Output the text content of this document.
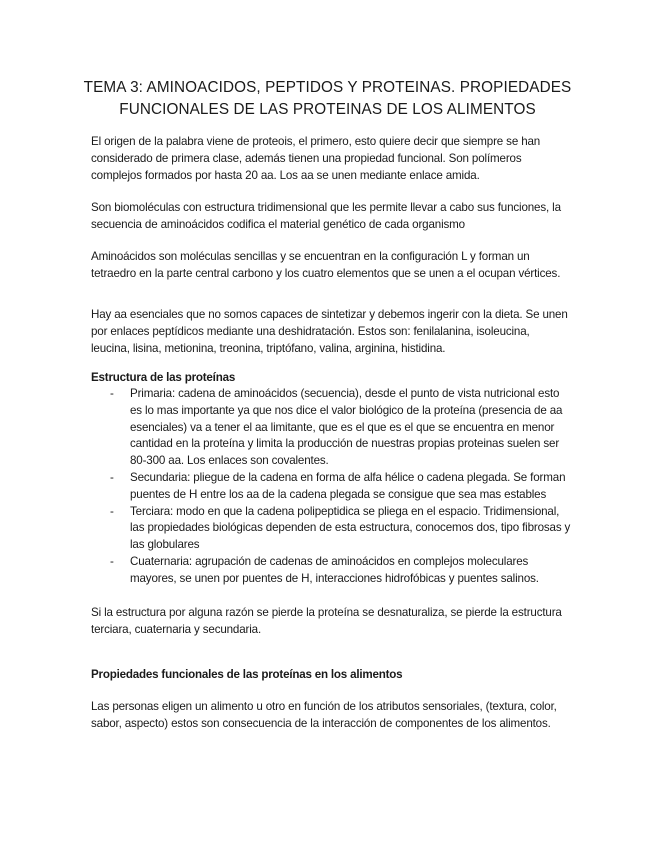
TEMA 3: AMINOACIDOS, PEPTIDOS Y PROTEINAS. PROPIEDADES FUNCIONALES DE LAS PROTEINAS DE LOS ALIMENTOS

El origen de la palabra viene de proteois, el primero, esto quiere decir que siempre se han considerado de primera clase, además tienen una propiedad funcional. Son polímeros complejos formados por hasta 20 aa. Los aa se unen mediante enlace amida.

Son biomoléculas con estructura tridimensional que les permite llevar a cabo sus funciones, la secuencia de aminoácidos codifica el material genético de cada organismo

Aminoácidos son moléculas sencillas y se encuentran en la configuración L y forman un tetraedro en la parte central carbono y los cuatro elementos que se unen a el ocupan vértices.

Hay aa esenciales que no somos capaces de sintetizar y debemos ingerir con la dieta. Se unen por enlaces peptídicos mediante una deshidratación. Estos son: fenilalanina, isoleucina, leucina, lisina, metionina, treonina, triptófano, valina, arginina, histidina.

Estructura de las proteínas
- Primaria: cadena de aminoácidos (secuencia), desde el punto de vista nutricional esto es lo mas importante ya que nos dice el valor biológico de la proteína (presencia de aa esenciales) va a tener el aa limitante, que es el que es el que se encuentra en menor cantidad en la proteína y limita la producción de nuestras propias proteinas suelen ser 80-300 aa. Los enlaces son covalentes.
- Secundaria: pliegue de la cadena en forma de alfa hélice o cadena plegada. Se forman puentes de H entre los aa de la cadena plegada se consigue que sea mas estables
- Terciara: modo en que la cadena polipeptidica se pliega en el espacio. Tridimensional, las propiedades biológicas dependen de esta estructura, conocemos dos, tipo fibrosas y las globulares
- Cuaternaria: agrupación de cadenas de aminoácidos en complejos moleculares mayores, se unen por puentes de H, interacciones hidrofóbicas y puentes salinos.

Si la estructura por alguna razón se pierde la proteína se desnaturaliza, se pierde la estructura terciara, cuaternaria y secundaria.

Propiedades funcionales de las proteínas en los alimentos

Las personas eligen un alimento u otro en función de los atributos sensoriales, (textura, color, sabor, aspecto) estos son consecuencia de la interacción de componentes de los alimentos.
